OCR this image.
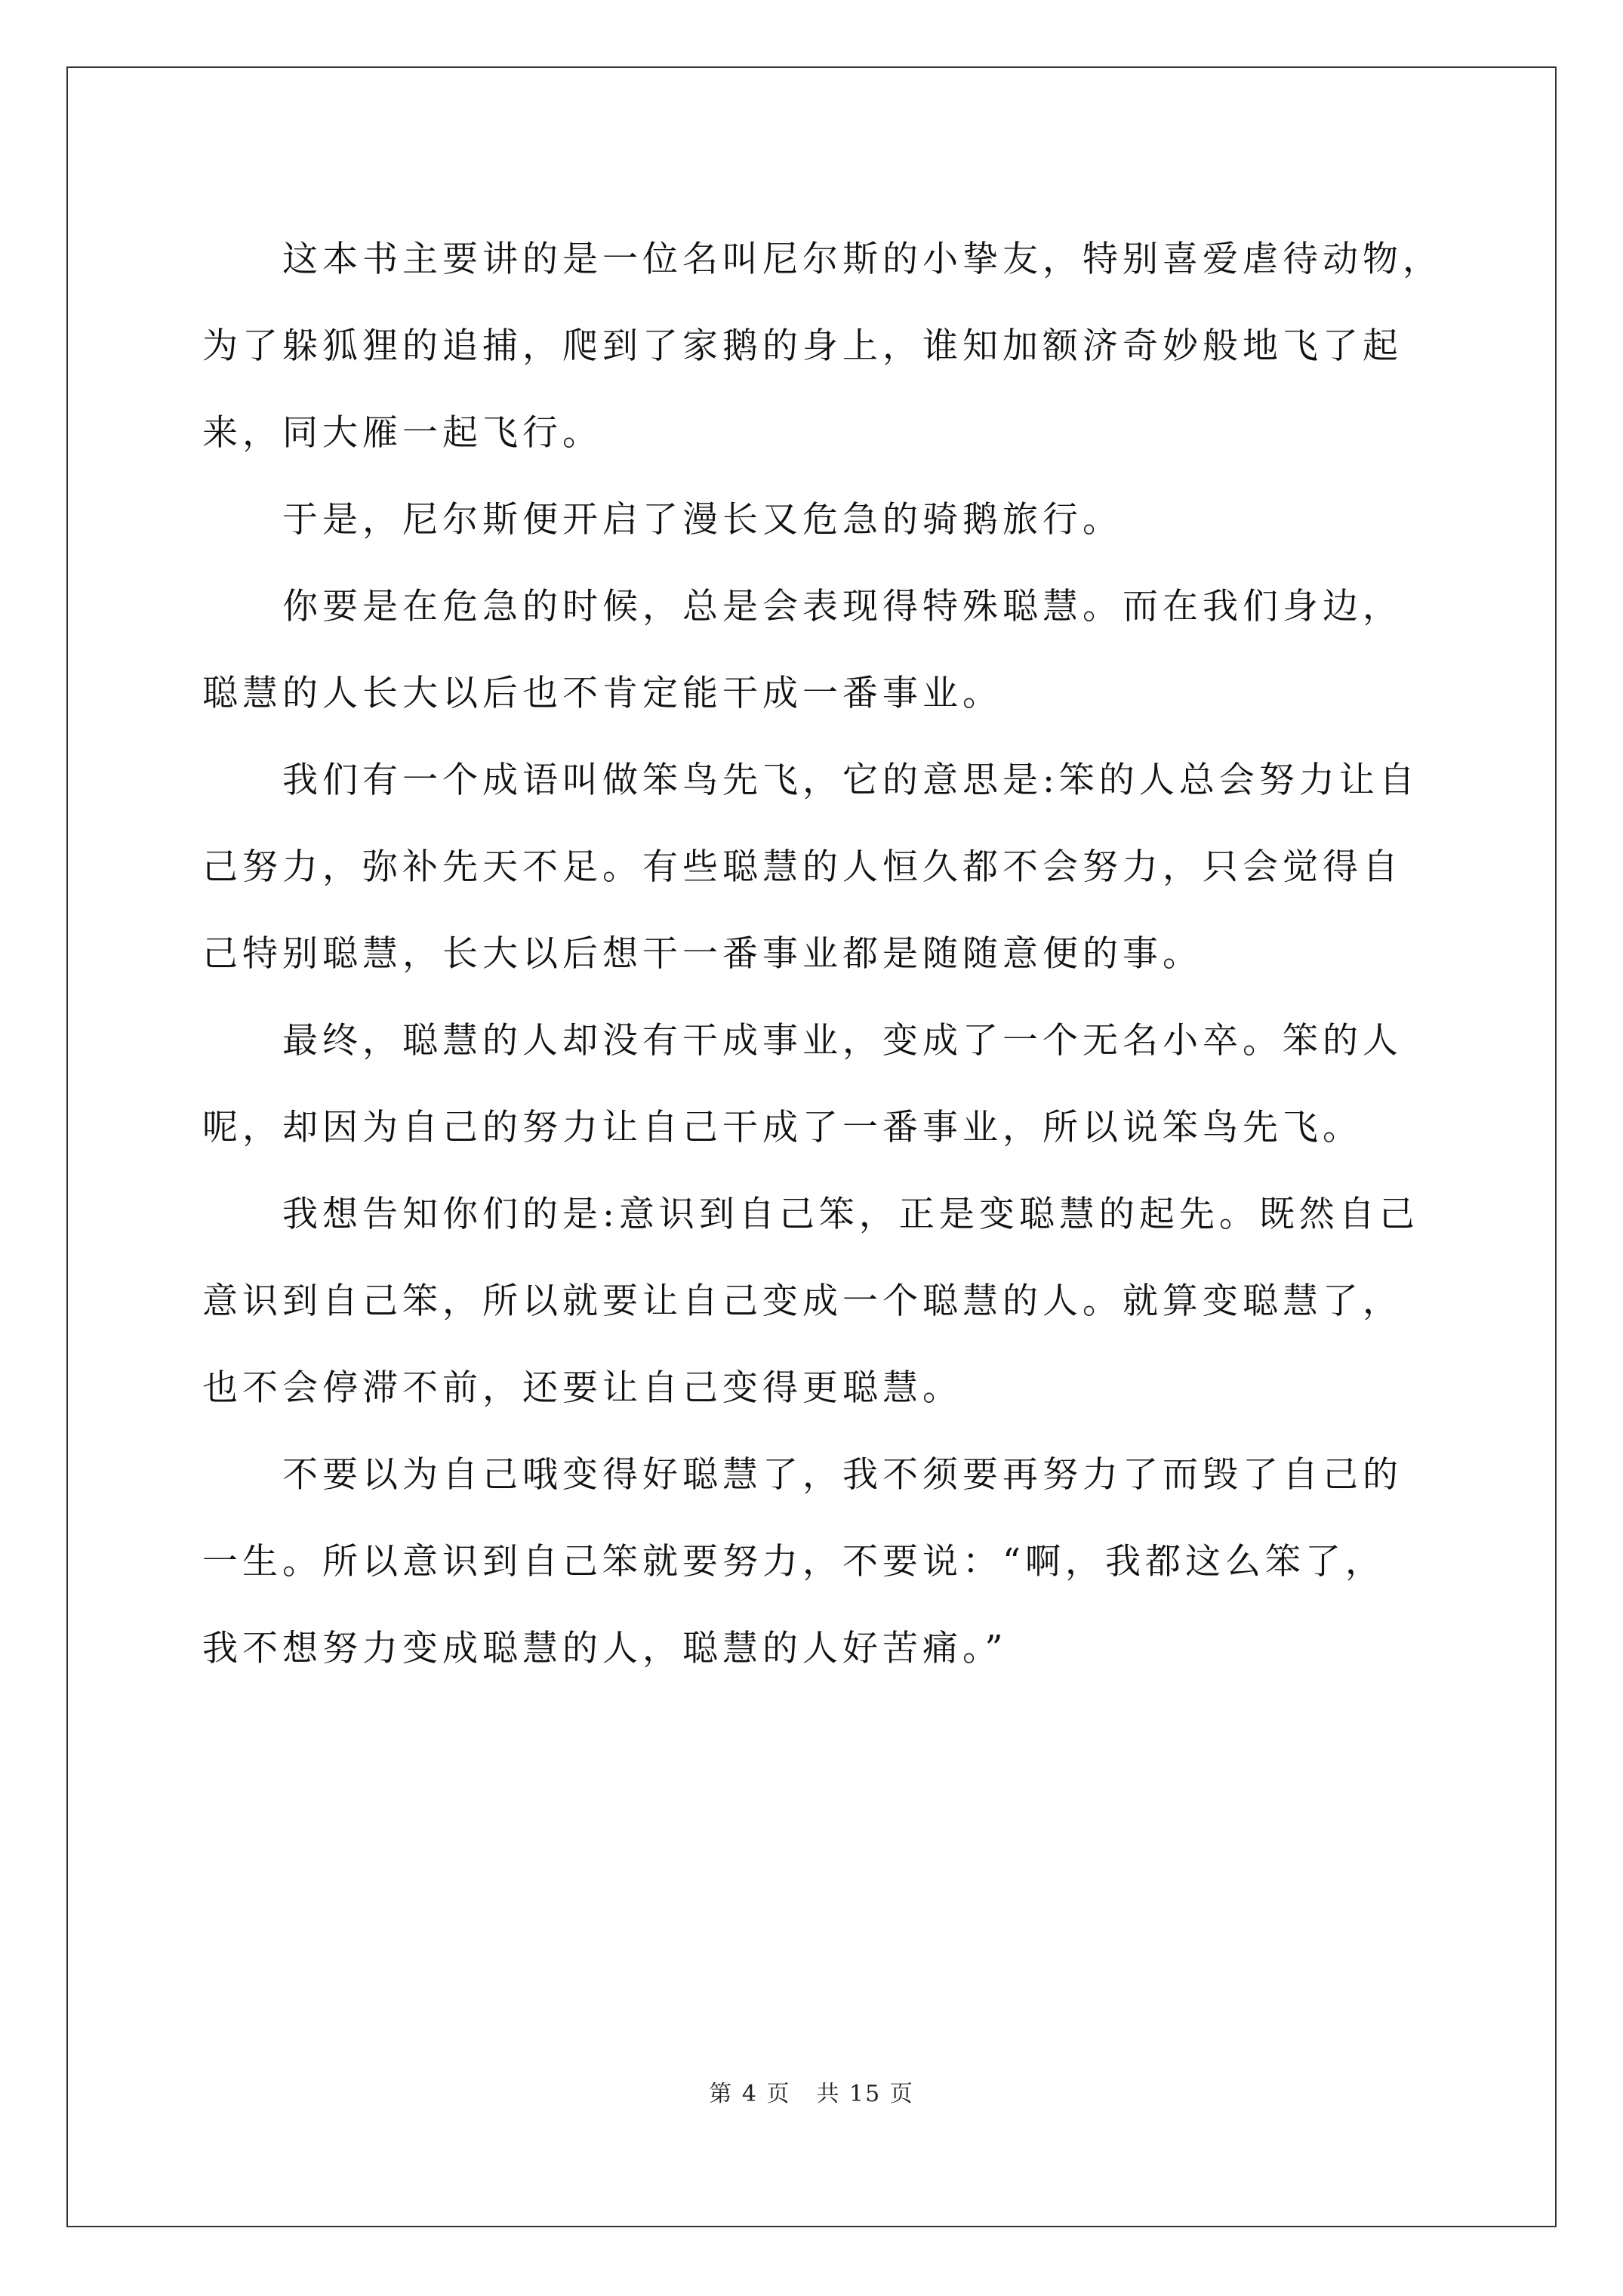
这本书主要讲的是一位名叫尼尔斯的小挚友，特别喜爱虐待动物，
为了躲狐狸的追捕，爬到了家鹅的身上，谁知加额济奇妙般地飞了起
来，同大雁一起飞行。

于是，尼尔斯便开启了漫长又危急的骑鹅旅行。

你要是在危急的时候，总是会表现得特殊聪慧。而在我们身边，
聪慧的人长大以后也不肯定能干成一番事业。

我们有一个成语叫做笨鸟先飞，它的意思是:笨的人总会努力让自
己努力，弥补先天不足。有些聪慧的人恒久都不会努力，只会觉得自
己特别聪慧，长大以后想干一番事业都是随随意便的事。

最终，聪慧的人却没有干成事业，变成了一个无名小卒。笨的人
呢，却因为自己的努力让自己干成了一番事业，所以说笨鸟先飞。

我想告知你们的是:意识到自己笨，正是变聪慧的起先。既然自己
意识到自己笨，所以就要让自己变成一个聪慧的人。就算变聪慧了，
也不会停滞不前，还要让自己变得更聪慧。

不要以为自己哦变得好聪慧了，我不须要再努力了而毁了自己的
一生。所以意识到自己笨就要努力，不要说：“啊，我都这么笨了，
我不想努力变成聪慧的人，聪慧的人好苦痛。”

第 4 页 共 15 页
